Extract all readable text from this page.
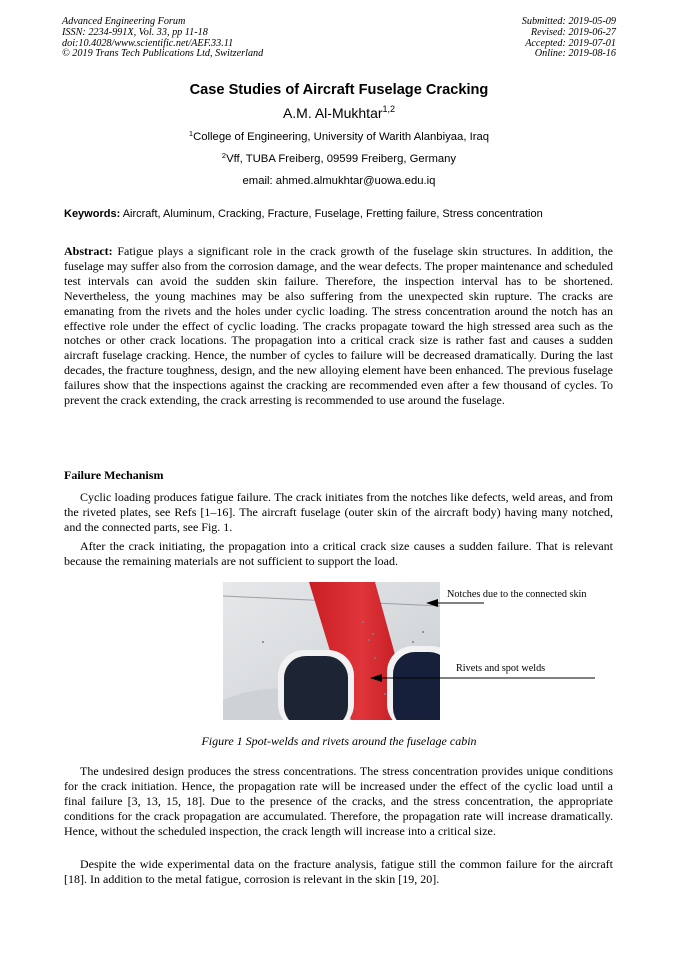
Advanced Engineering Forum
ISSN: 2234-991X, Vol. 33, pp 11-18
doi:10.4028/www.scientific.net/AEF.33.11
© 2019 Trans Tech Publications Ltd, Switzerland
Submitted: 2019-05-09
Revised: 2019-06-27
Accepted: 2019-07-01
Online: 2019-08-16
Case Studies of Aircraft Fuselage Cracking
A.M. Al-Mukhtar$^{1,2}$
$^1$College of Engineering, University of Warith Alanbiyaa, Iraq
$^2$Vff, TUBA Freiberg, 09599 Freiberg, Germany
email: ahmed.almukhtar@uowa.edu.iq
Keywords: Aircraft, Aluminum, Cracking, Fracture, Fuselage, Fretting failure, Stress concentration

Abstract: Fatigue plays a significant role in the crack growth of the fuselage skin structures. In addition, the fuselage may suffer also from the corrosion damage, and the wear defects. The proper maintenance and scheduled test intervals can avoid the sudden skin failure. Therefore, the inspection interval has to be shortened. Nevertheless, the young machines may be also suffering from the unexpected skin rupture. The cracks are emanating from the rivets and the holes under cyclic loading. The stress concentration around the notch has an effective role under the effect of cyclic loading. The cracks propagate toward the high stressed area such as the notches or other crack locations. The propagation into a critical crack size is rather fast and causes a sudden aircraft fuselage cracking. Hence, the number of cycles to failure will be decreased dramatically. During the last decades, the fracture toughness, design, and the new alloying element have been enhanced. The previous fuselage failures show that the inspections against the cracking are recommended even after a few thousand of cycles. To prevent the crack extending, the crack arresting is recommended to use around the fuselage.

Failure Mechanism

Cyclic loading produces fatigue failure. The crack initiates from the notches like defects, weld areas, and from the riveted plates, see Refs [1–16]. The aircraft fuselage (outer skin of the aircraft body) having many notched, and the connected parts, see Fig. 1.

After the crack initiating, the propagation into a critical crack size causes a sudden failure. That is relevant because the remaining materials are not sufficient to support the load.

Notches due to the connected skin
Rivets and spot welds
Figure 1 Spot-welds and rivets around the fuselage cabin

The undesired design produces the stress concentrations. The stress concentration provides unique conditions for the crack initiation. Hence, the propagation rate will be increased under the effect of the cyclic load until a final failure [3, 13, 15, 18]. Due to the presence of the cracks, and the stress concentration, the appropriate conditions for the crack propagation are accumulated. Therefore, the propagation rate will increase dramatically. Hence, without the scheduled inspection, the crack length will increase into a critical size.

Despite the wide experimental data on the fracture analysis, fatigue still the common failure for the aircraft [18]. In addition to the metal fatigue, corrosion is relevant in the skin [19, 20].
